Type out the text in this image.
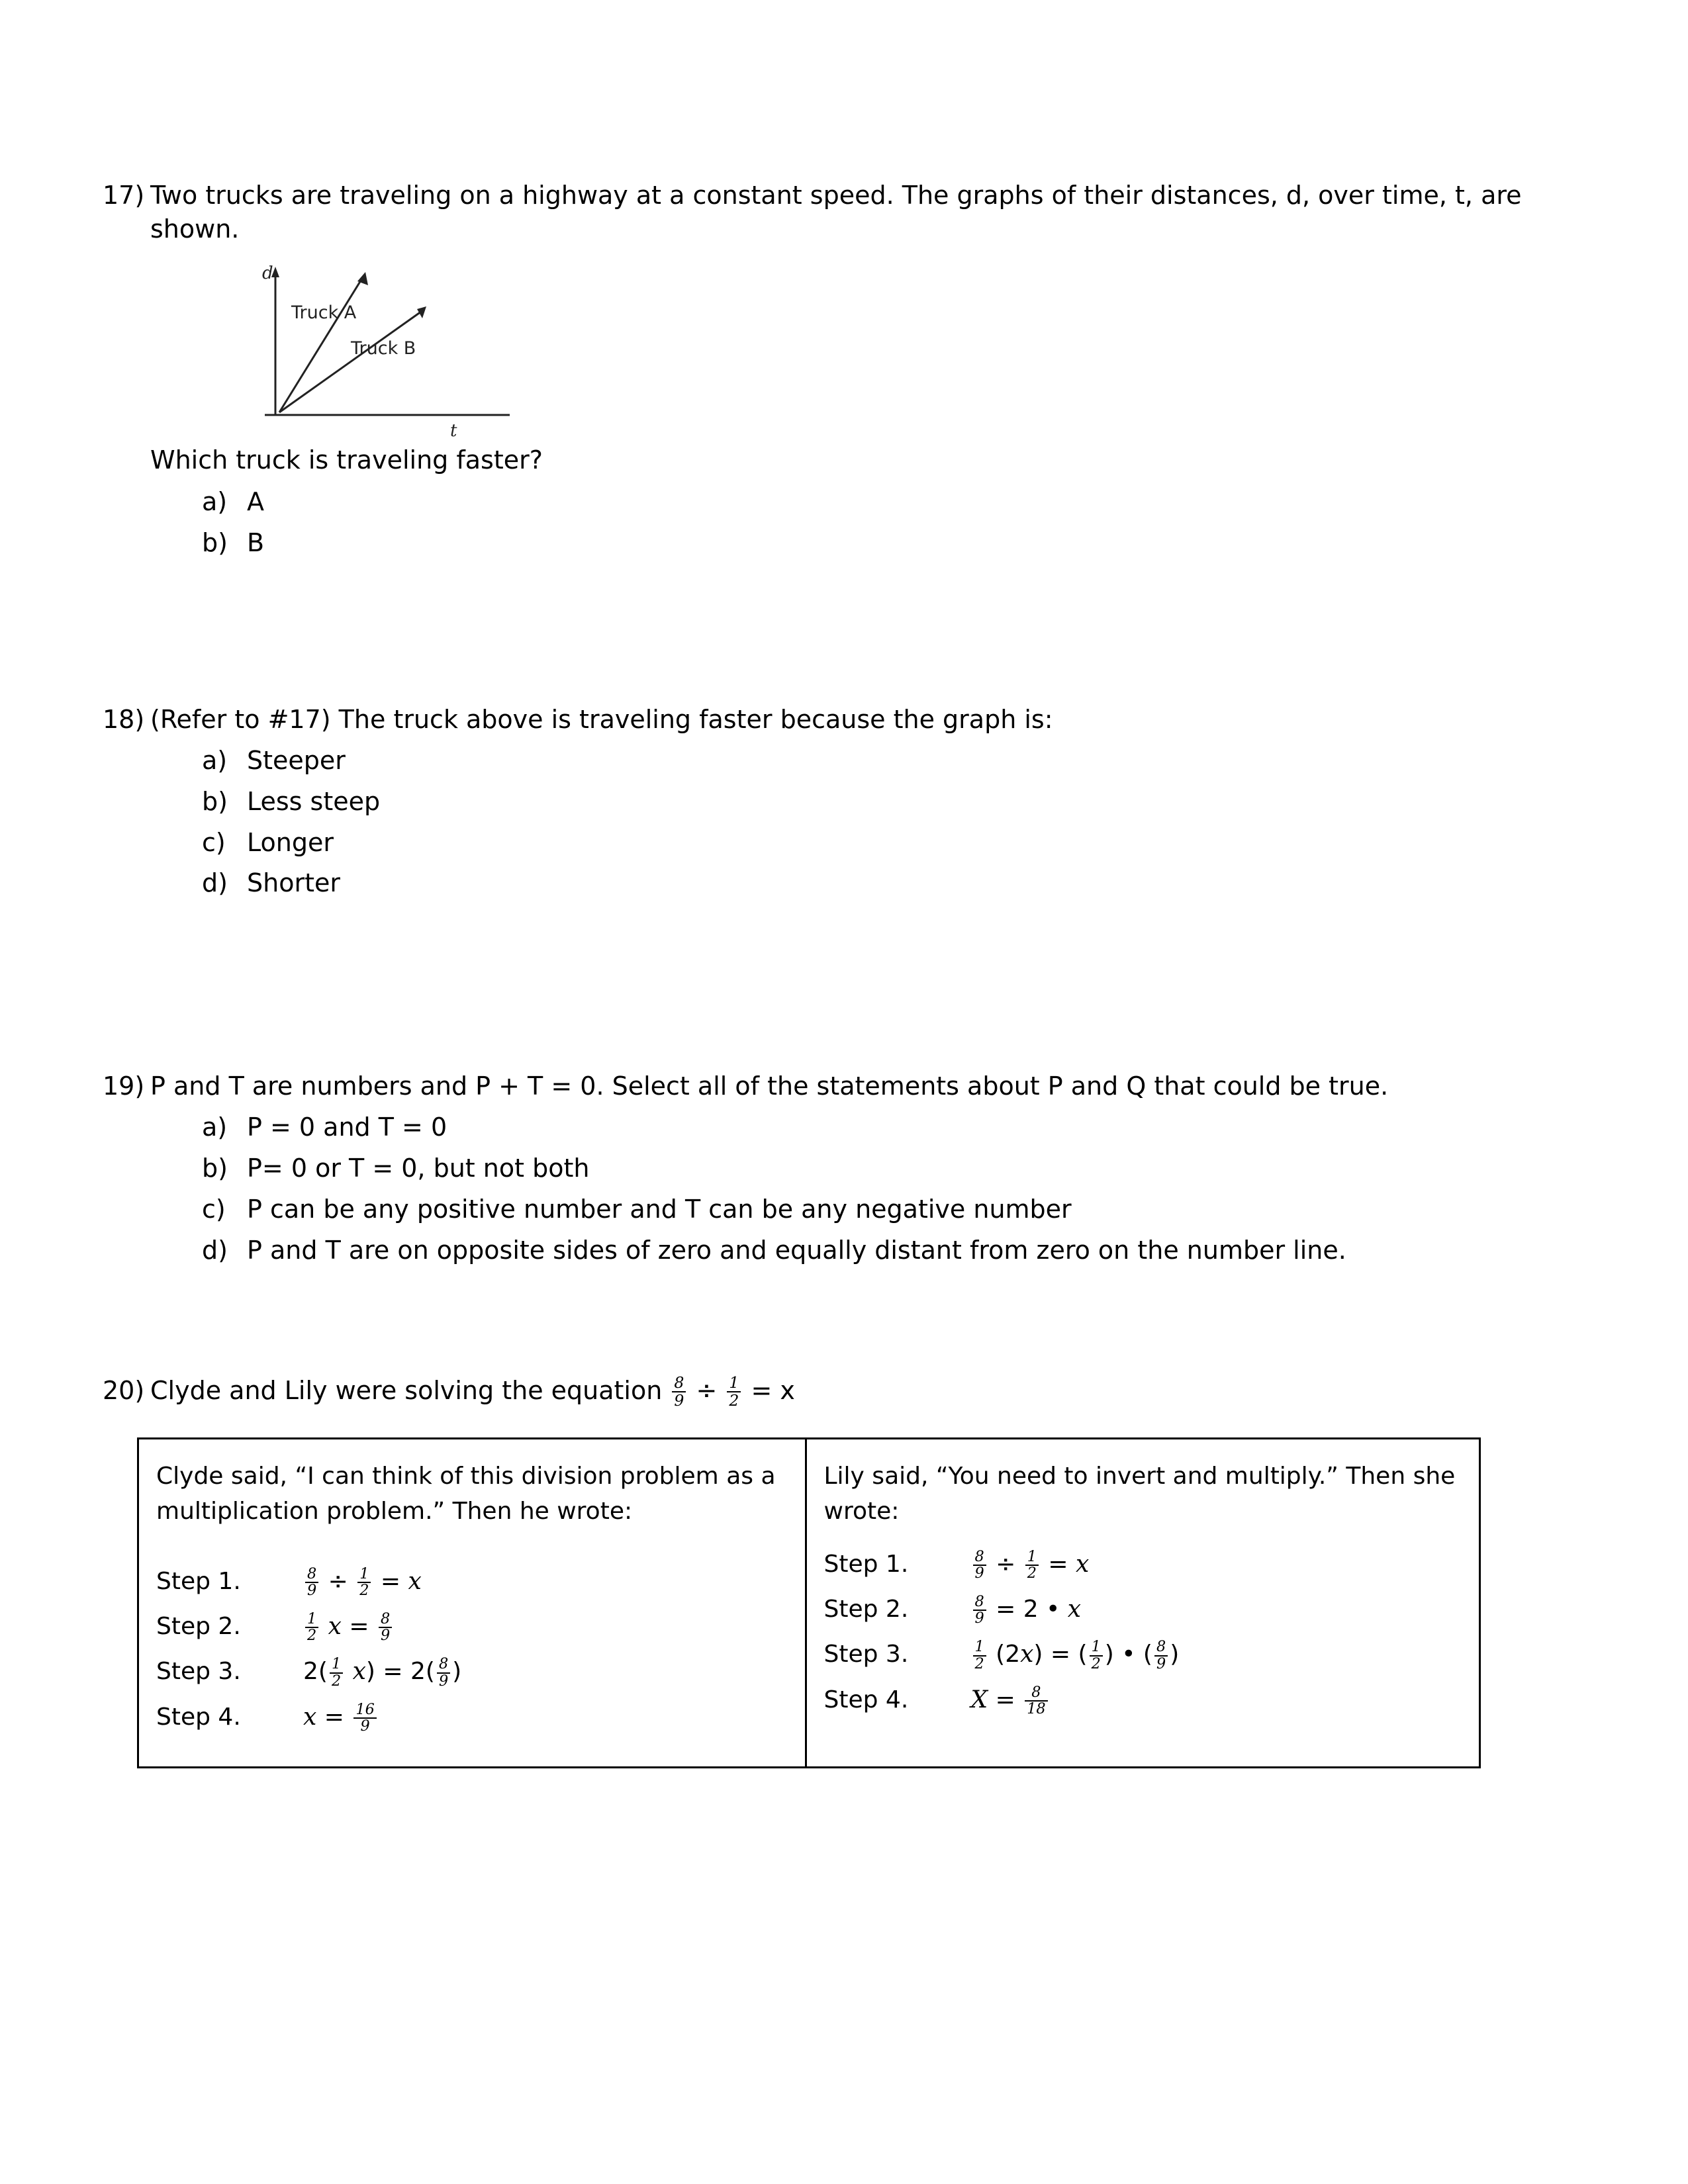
17) Two trucks are traveling on a highway at a constant speed. The graphs of their distances, d, over time, t, are shown.
d
t
Truck A
Truck B
Which truck is traveling faster?
a) A
b) B
18) (Refer to #17) The truck above is traveling faster because the graph is:
a) Steeper
b) Less steep
c) Longer
d) Shorter
19) P and T are numbers and P + T = 0. Select all of the statements about P and Q that could be true.
a) P = 0 and T = 0
b) P= 0 or T = 0, but not both
c) P can be any positive number and T can be any negative number
d) P and T are on opposite sides of zero and equally distant from zero on the number line.
20) Clyde and Lily were solving the equation $\frac{8}{9} \div \frac{1}{2} = x$
Clyde said, “I can think of this division problem as a multiplication problem.” Then he wrote:
Step 1.	$\frac{8}{9} \div \frac{1}{2} = x$
Step 2.	$\frac{1}{2}$ $x = \frac{8}{9}$
Step 3.	$2( \frac{1}{2} x) = 2( \frac{8}{9}$ )
Step 4.	$x = \frac{16}{9}$
Lily said, “You need to invert and multiply.” Then she wrote:
Step 1.	$\frac{8}{9} \div \frac{1}{2} = x$
Step 2.	$\frac{8}{9} = 2$ • x
Step 3.	$\frac{1}{2} (2x)$ = ( $\frac{1}{2}$ ) • ( $\frac{8}{9}$ )
Step 4.	$X = \frac{8}{18}$
